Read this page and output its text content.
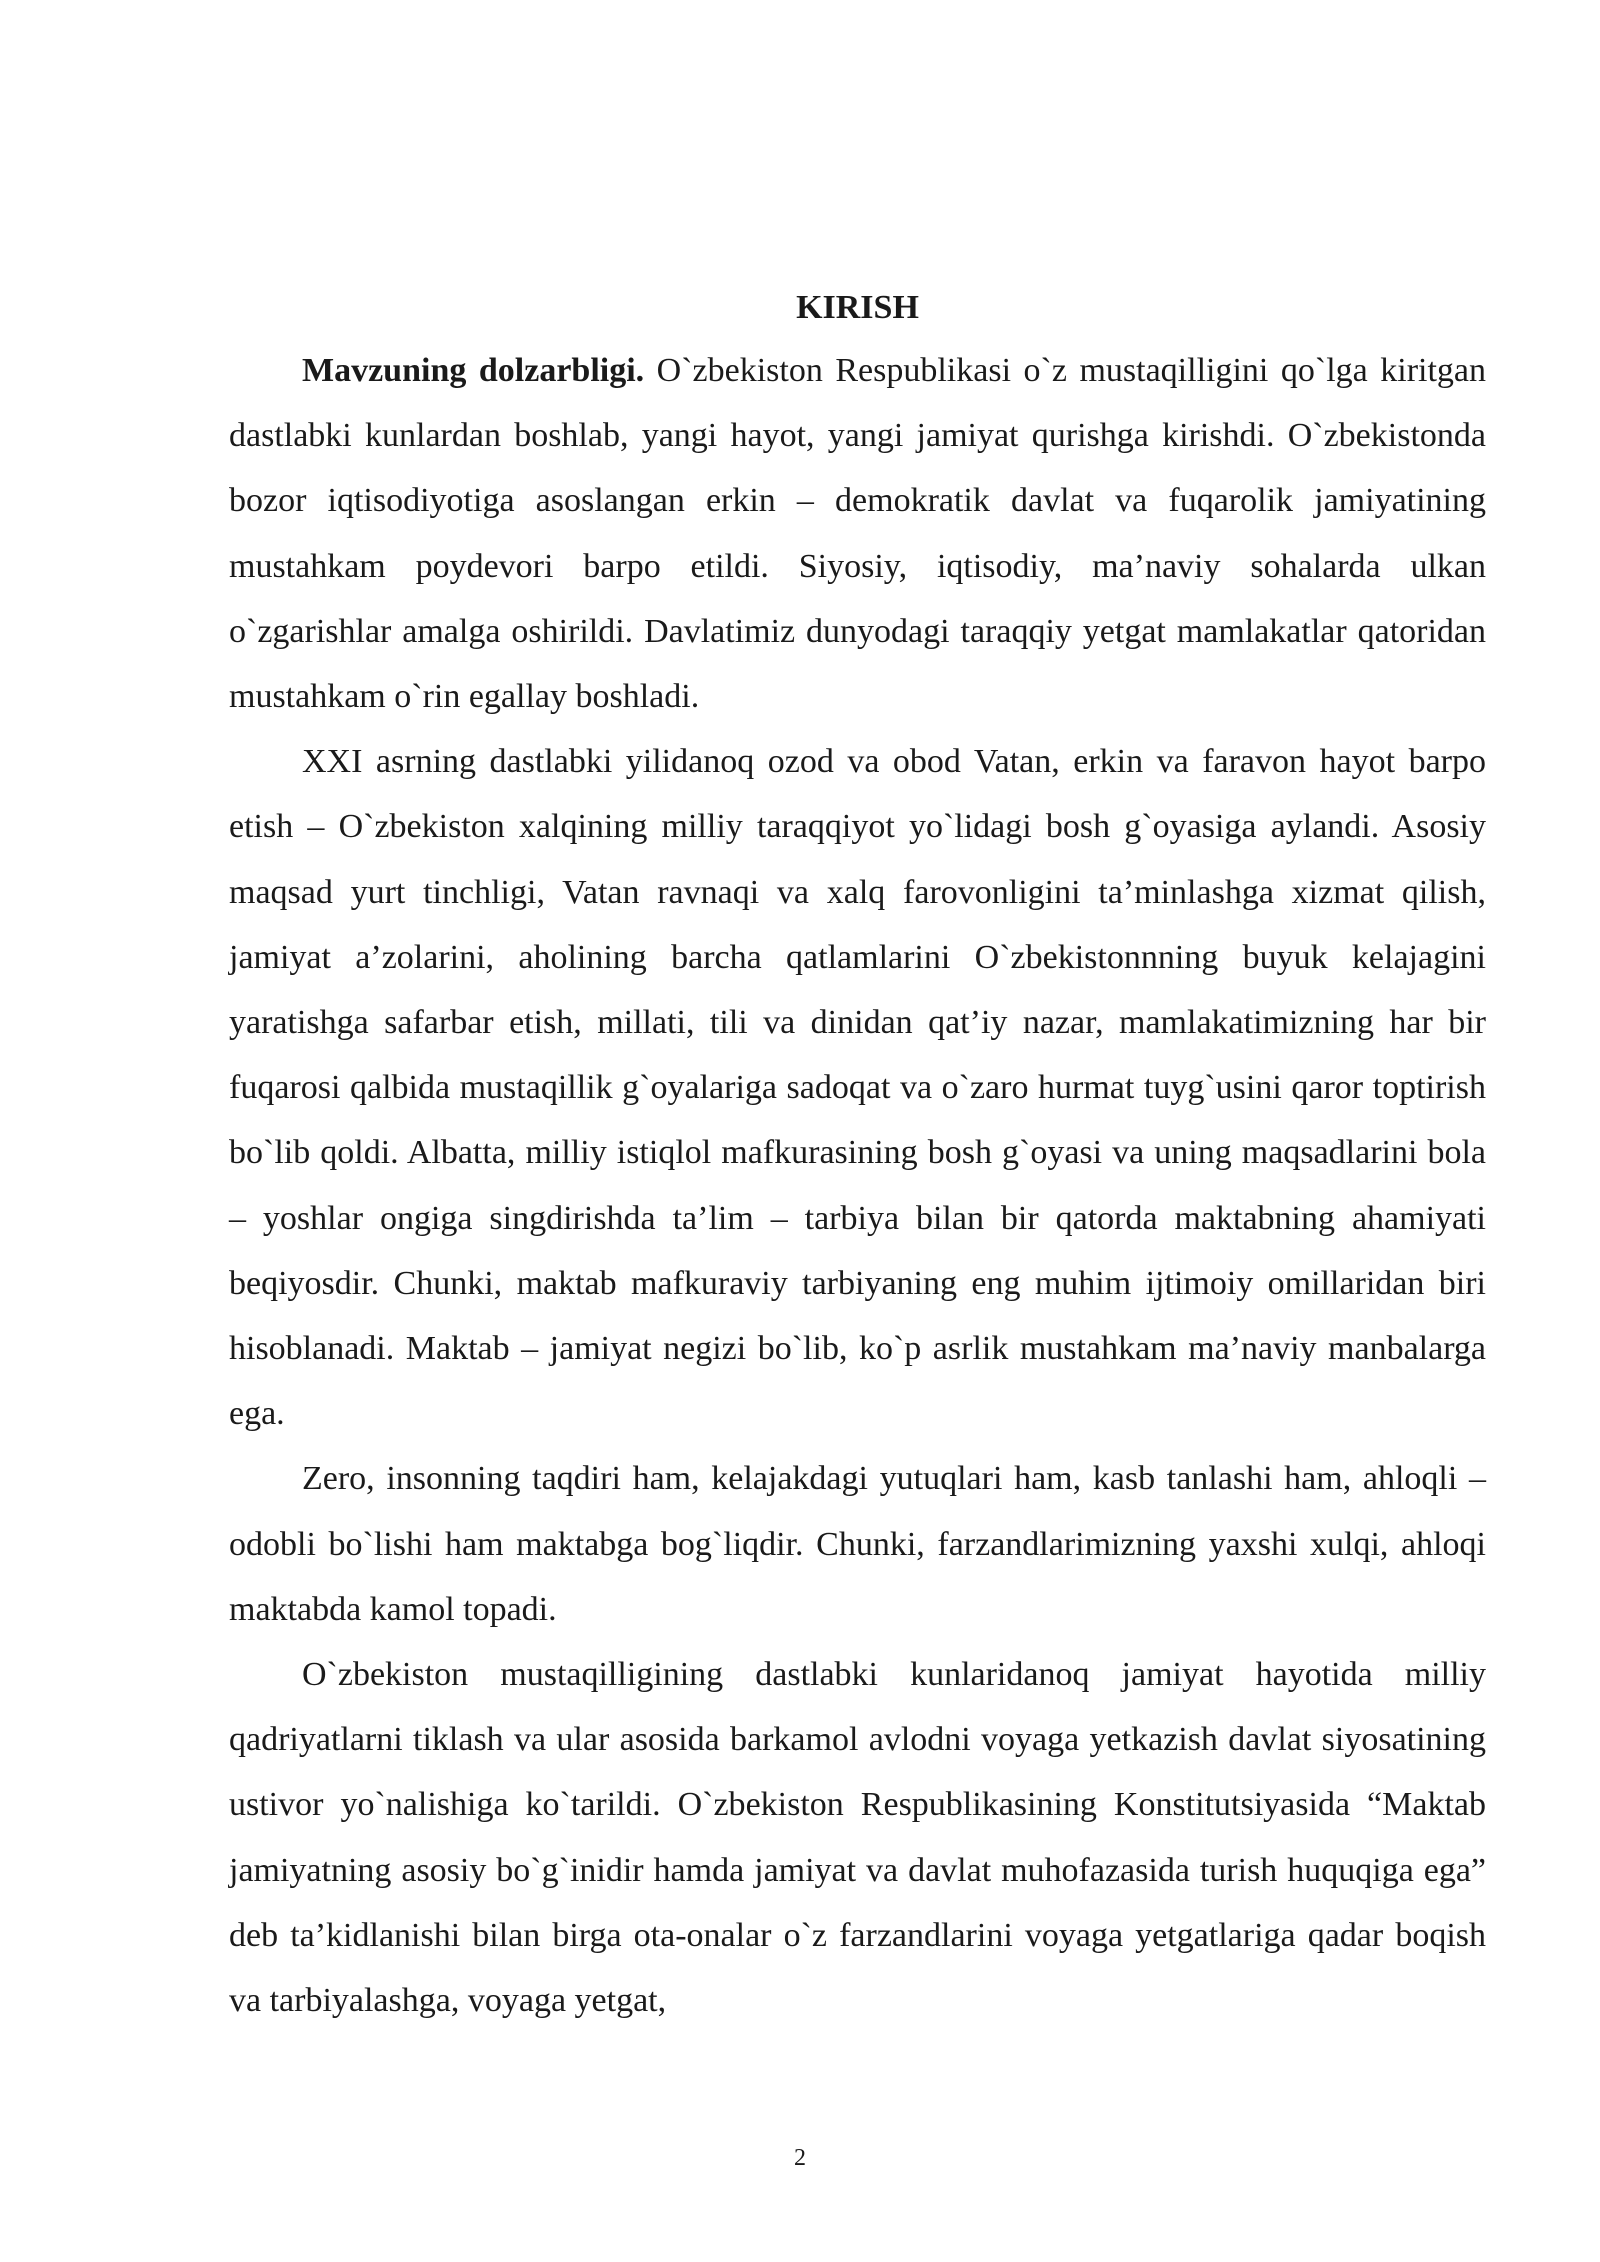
KIRISH

Mavzuning dolzarbligi. O`zbekiston Respublikasi o`z mustaqilligini qo`lga kiritgan dastlabki kunlardan boshlab, yangi hayot, yangi jamiyat qurishga kirishdi. O`zbekistonda bozor iqtisodiyotiga asoslangan erkin – demokratik davlat va fuqarolik jamiyatining mustahkam poydevori barpo etildi. Siyosiy, iqtisodiy, ma’naviy sohalarda ulkan o`zgarishlar amalga oshirildi. Davlatimiz dunyodagi taraqqiy yetgat mamlakatlar qatoridan mustahkam o`rin egallay boshladi.

XXI asrning dastlabki yilidanoq ozod va obod Vatan, erkin va faravon hayot barpo etish – O`zbekiston xalqining milliy taraqqiyot yo`lidagi bosh g`oyasiga aylandi. Asosiy maqsad yurt tinchligi, Vatan ravnaqi va xalq farovonligini ta’minlashga xizmat qilish, jamiyat a’zolarini, aholining barcha qatlamlarini O`zbekistonnning buyuk kelajagini yaratishga safarbar etish, millati, tili va dinidan qat’iy nazar, mamlakatimizning har bir fuqarosi qalbida mustaqillik g`oyalariga sadoqat va o`zaro hurmat tuyg`usini qaror toptirish bo`lib qoldi. Albatta, milliy istiqlol mafkurasining bosh g`oyasi va uning maqsadlarini bola – yoshlar ongiga singdirishda ta’lim – tarbiya bilan bir qatorda maktabning ahamiyati beqiyosdir. Chunki, maktab mafkuraviy tarbiyaning eng muhim ijtimoiy omillaridan biri hisoblanadi. Maktab – jamiyat negizi bo`lib, ko`p asrlik mustahkam ma’naviy manbalarga ega.

Zero, insonning taqdiri ham, kelajakdagi yutuqlari ham, kasb tanlashi ham, ahloqli – odobli bo`lishi ham maktabga bog`liqdir. Chunki, farzandlarimizning yaxshi xulqi, ahloqi maktabda kamol topadi.

O`zbekiston mustaqilligining dastlabki kunlaridanoq jamiyat hayotida milliy qadriyatlarni tiklash va ular asosida barkamol avlodni voyaga yetkazish davlat siyosatining ustivor yo`nalishiga ko`tarildi. O`zbekiston Respublikasining Konstitutsiyasida “Maktab jamiyatning asosiy bo`g`inidir hamda jamiyat va davlat muhofazasida turish huquqiga ega” deb ta’kidlanishi bilan birga ota-onalar o`z farzandlarini voyaga yetgatlariga qadar boqish va tarbiyalashga, voyaga yetgat,

2
